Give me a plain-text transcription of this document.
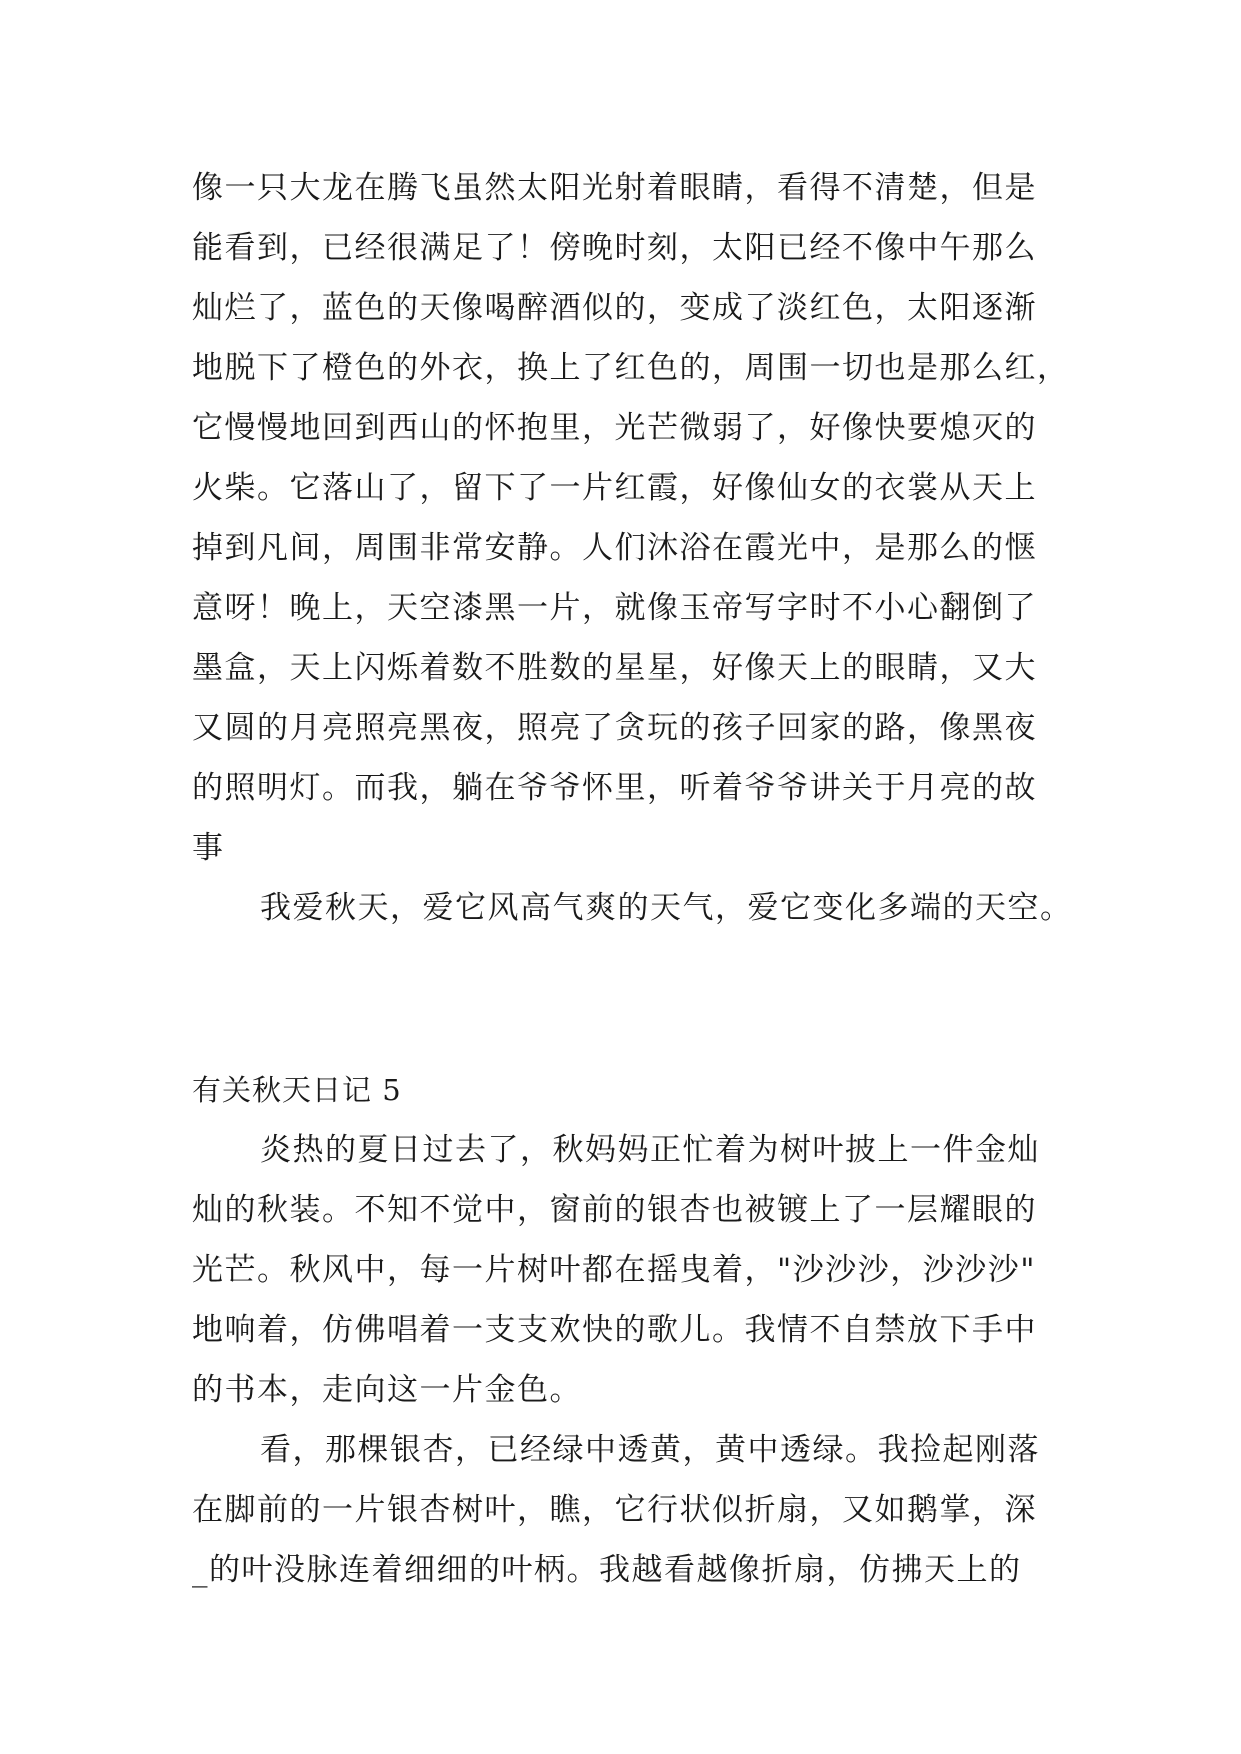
像一只大龙在腾飞虽然太阳光射着眼睛，看得不清楚，但是
能看到，已经很满足了！傍晚时刻，太阳已经不像中午那么
灿烂了，蓝色的天像喝醉酒似的，变成了淡红色，太阳逐渐
地脱下了橙色的外衣，换上了红色的，周围一切也是那么红，
它慢慢地回到西山的怀抱里，光芒微弱了，好像快要熄灭的
火柴。它落山了，留下了一片红霞，好像仙女的衣裳从天上
掉到凡间，周围非常安静。人们沐浴在霞光中，是那么的惬
意呀！晚上，天空漆黑一片，就像玉帝写字时不小心翻倒了
墨盒，天上闪烁着数不胜数的星星，好像天上的眼睛，又大
又圆的月亮照亮黑夜，照亮了贪玩的孩子回家的路，像黑夜
的照明灯。而我，躺在爷爷怀里，听着爷爷讲关于月亮的故
事
我爱秋天，爱它风高气爽的天气，爱它变化多端的天空。
有关秋天日记 5
炎热的夏日过去了，秋妈妈正忙着为树叶披上一件金灿
灿的秋装。不知不觉中，窗前的银杏也被镀上了一层耀眼的
光芒。秋风中，每一片树叶都在摇曳着，"沙沙沙，沙沙沙"
地响着，仿佛唱着一支支欢快的歌儿。我情不自禁放下手中
的书本，走向这一片金色。
看，那棵银杏，已经绿中透黄，黄中透绿。我捡起刚落
在脚前的一片银杏树叶，瞧，它行状似折扇，又如鹅掌，深
_的叶没脉连着细细的叶柄。我越看越像折扇，仿拂天上的
